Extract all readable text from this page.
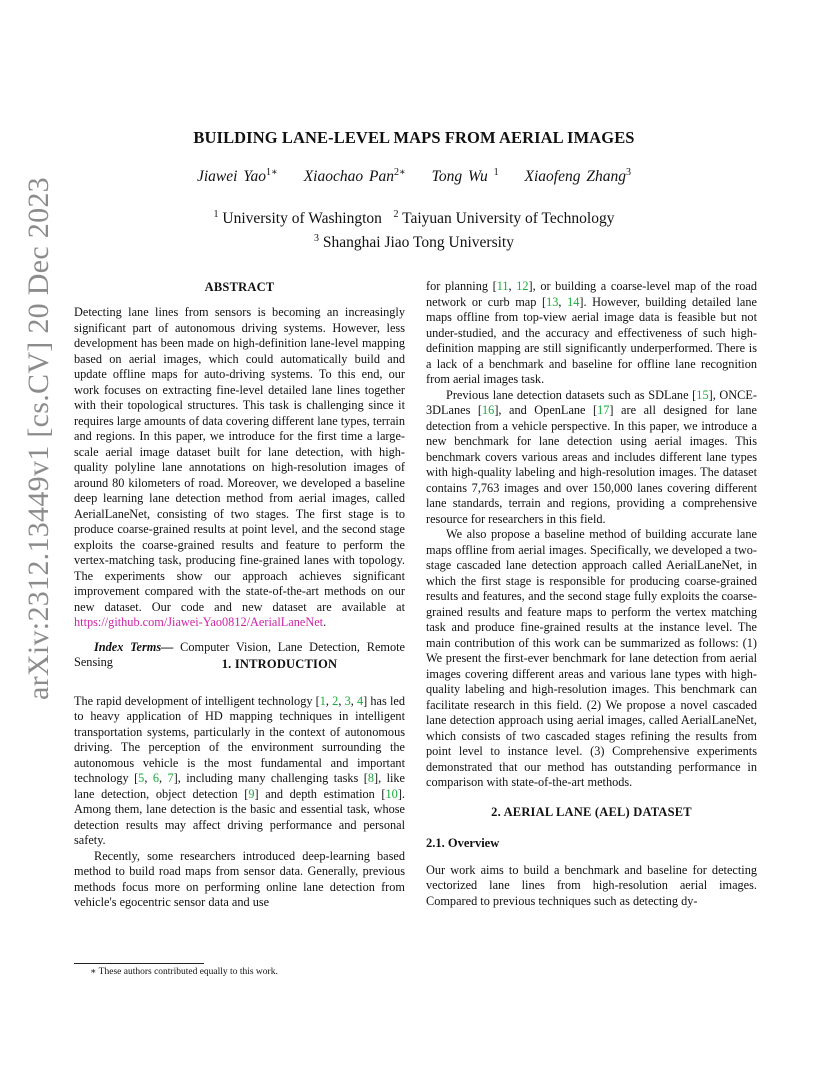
arXiv:2312.13449v1 [cs.CV] 20 Dec 2023
BUILDING LANE-LEVEL MAPS FROM AERIAL IMAGES
Jiawei Yao$^{1∗}$ Xiaochao Pan$^{2∗}$ Tong Wu $^1$ Xiaofeng Zhang$^3$
$^1$ University of Washington $^2$ Taiyuan University of Technology
$^3$ Shanghai Jiao Tong University
ABSTRACT

Detecting lane lines from sensors is becoming an increasingly significant part of autonomous driving systems. However, less development has been made on high-definition lane-level mapping based on aerial images, which could automatically build and update offline maps for auto-driving systems. To this end, our work focuses on extracting fine-level detailed lane lines together with their topological structures. This task is challenging since it requires large amounts of data covering different lane types, terrain and regions. In this paper, we introduce for the first time a large-scale aerial image dataset built for lane detection, with high-quality polyline lane annotations on high-resolution images of around 80 kilometers of road. Moreover, we developed a baseline deep learning lane detection method from aerial images, called AerialLaneNet, consisting of two stages. The first stage is to produce coarse-grained results at point level, and the second stage exploits the coarse-grained results and feature to perform the vertex-matching task, producing fine-grained lanes with topology. The experiments show our approach achieves significant improvement compared with the state-of-the-art methods on our new dataset. Our code and new dataset are available at https://github.com/Jiawei-Yao0812/AerialLaneNet.

Index Terms— Computer Vision, Lane Detection, Remote Sensing	1. INTRODUCTION

The rapid development of intelligent technology [1, 2, 3, 4] has led to heavy application of HD mapping techniques in intelligent transportation systems, particularly in the context of autonomous driving. The perception of the environment surrounding the autonomous vehicle is the most fundamental and important technology [5, 6, 7], including many challenging tasks [8], like lane detection, object detection [9] and depth estimation [10]. Among them, lane detection is the basic and essential task, whose detection results may affect driving performance and personal safety.

Recently, some researchers introduced deep-learning based method to build road maps from sensor data. Generally, previous methods focus more on performing online lane detection from vehicle's egocentric sensor data and use

∗ These authors contributed equally to this work.

for planning [11, 12], or building a coarse-level map of the road network or curb map [13, 14]. However, building detailed lane maps offline from top-view aerial image data is feasible but not under-studied, and the accuracy and effectiveness of such high-definition mapping are still significantly underperformed. There is a lack of a benchmark and baseline for offline lane recognition from aerial images task.

Previous lane detection datasets such as SDLane [15], ONCE-3DLanes [16], and OpenLane [17] are all designed for lane detection from a vehicle perspective. In this paper, we introduce a new benchmark for lane detection using aerial images. This benchmark covers various areas and includes different lane types with high-quality labeling and high-resolution images. The dataset contains 7,763 images and over 150,000 lanes covering different lane standards, terrain and regions, providing a comprehensive resource for researchers in this field.

We also propose a baseline method of building accurate lane maps offline from aerial images. Specifically, we developed a two-stage cascaded lane detection approach called AerialLaneNet, in which the first stage is responsible for producing coarse-grained results and features, and the second stage fully exploits the coarse-grained results and feature maps to perform the vertex matching task and produce fine-grained results at the instance level. The main contribution of this work can be summarized as follows: (1) We present the first-ever benchmark for lane detection from aerial images covering different areas and various lane types with high-quality labeling and high-resolution images. This benchmark can facilitate research in this field. (2) We propose a novel cascaded lane detection approach using aerial images, called AerialLaneNet, which consists of two cascaded stages refining the results from point level to instance level. (3) Comprehensive experiments demonstrated that our method has outstanding performance in comparison with state-of-the-art methods.

2. AERIAL LANE (AEL) DATASET
2.1. Overview

Our work aims to build a benchmark and baseline for detecting vectorized lane lines from high-resolution aerial images. Compared to previous techniques such as detecting dy-
